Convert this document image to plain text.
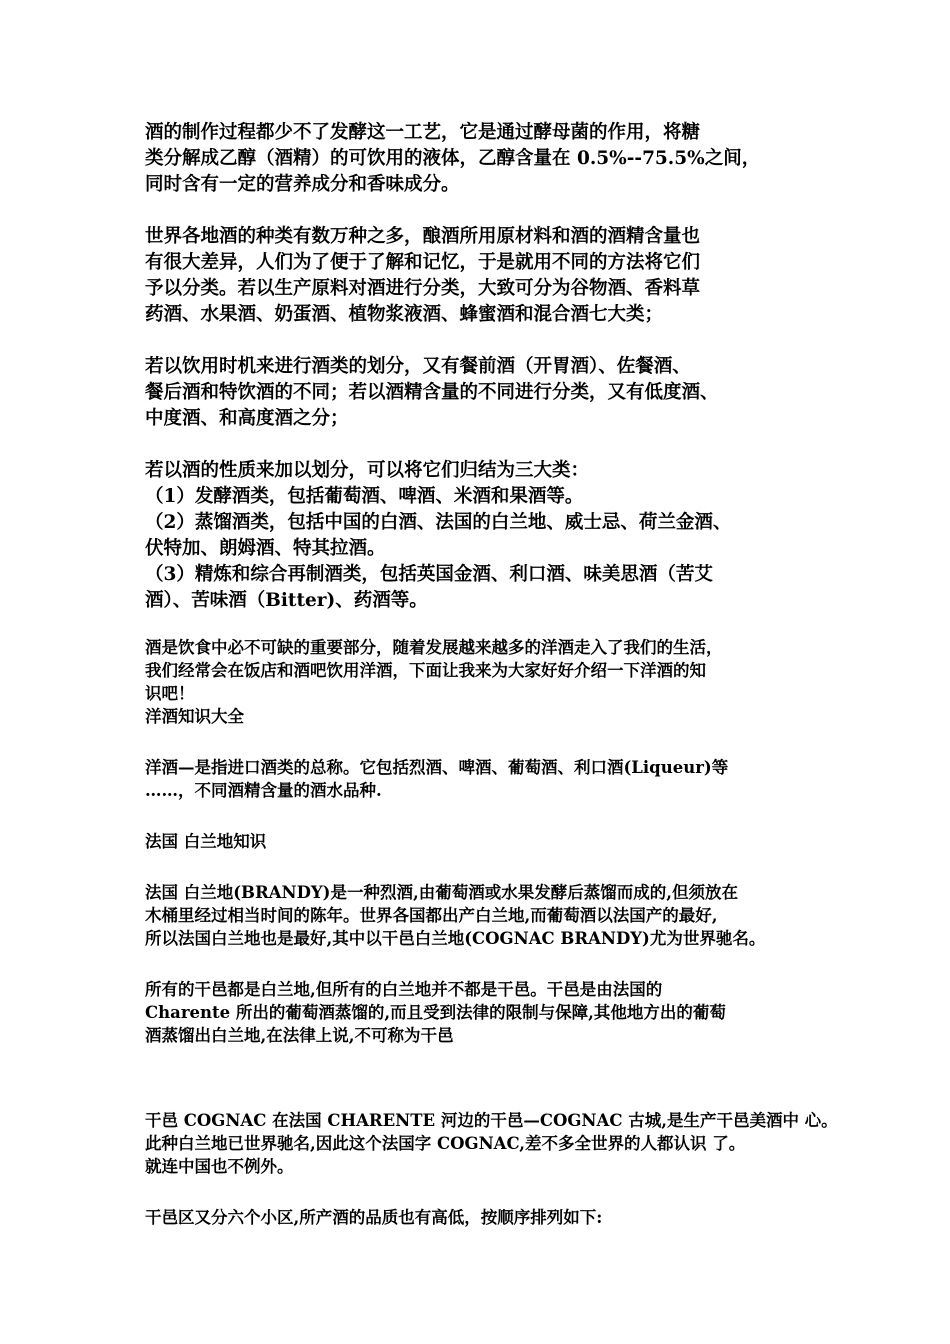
酒的制作过程都少不了发酵这一工艺，它是通过酵母菌的作用，将糖
类分解成乙醇（酒精）的可饮用的液体，乙醇含量在 0.5%--75.5%之间，
同时含有一定的营养成分和香味成分。

世界各地酒的种类有数万种之多，酿酒所用原材料和酒的酒精含量也
有很大差异，人们为了便于了解和记忆，于是就用不同的方法将它们
予以分类。若以生产原料对酒进行分类，大致可分为谷物酒、香料草
药酒、水果酒、奶蛋酒、植物浆液酒、蜂蜜酒和混合酒七大类；

若以饮用时机来进行酒类的划分，又有餐前酒（开胃酒）、佐餐酒、
餐后酒和特饮酒的不同；若以酒精含量的不同进行分类，又有低度酒、
中度酒、和高度酒之分；

若以酒的性质来加以划分，可以将它们归结为三大类：
（1）发酵酒类，包括葡萄酒、啤酒、米酒和果酒等。
（2）蒸馏酒类，包括中国的白酒、法国的白兰地、威士忌、荷兰金酒、
伏特加、朗姆酒、特其拉酒。
（3）精炼和综合再制酒类，包括英国金酒、利口酒、味美思酒（苦艾
酒）、苦味酒（Bitter)、药酒等。

酒是饮食中必不可缺的重要部分，随着发展越来越多的洋酒走入了我们的生活，
我们经常会在饭店和酒吧饮用洋酒，下面让我来为大家好好介绍一下洋酒的知
识吧！
洋酒知识大全

洋酒—是指进口酒类的总称。它包括烈酒、啤酒、葡萄酒、利口酒(Liqueur)等
……，不同酒精含量的酒水品种.

法国 白兰地知识

法国 白兰地(BRANDY)是一种烈酒,由葡萄酒或水果发酵后蒸馏而成的,但须放在
木桶里经过相当时间的陈年。世界各国都出产白兰地,而葡萄酒以法国产的最好,
所以法国白兰地也是最好,其中以干邑白兰地(COGNAC BRANDY)尤为世界驰名。

所有的干邑都是白兰地,但所有的白兰地并不都是干邑。干邑是由法国的
Charente 所出的葡萄酒蒸馏的,而且受到法律的限制与保障,其他地方出的葡萄
酒蒸馏出白兰地,在法律上说,不可称为干邑

干邑 COGNAC 在法国 CHARENTE 河边的干邑—COGNAC 古城,是生产干邑美酒中 心。
此种白兰地已世界驰名,因此这个法国字 COGNAC,差不多全世界的人都认识 了。
就连中国也不例外。

干邑区又分六个小区,所产酒的品质也有高低，按顺序排列如下:
